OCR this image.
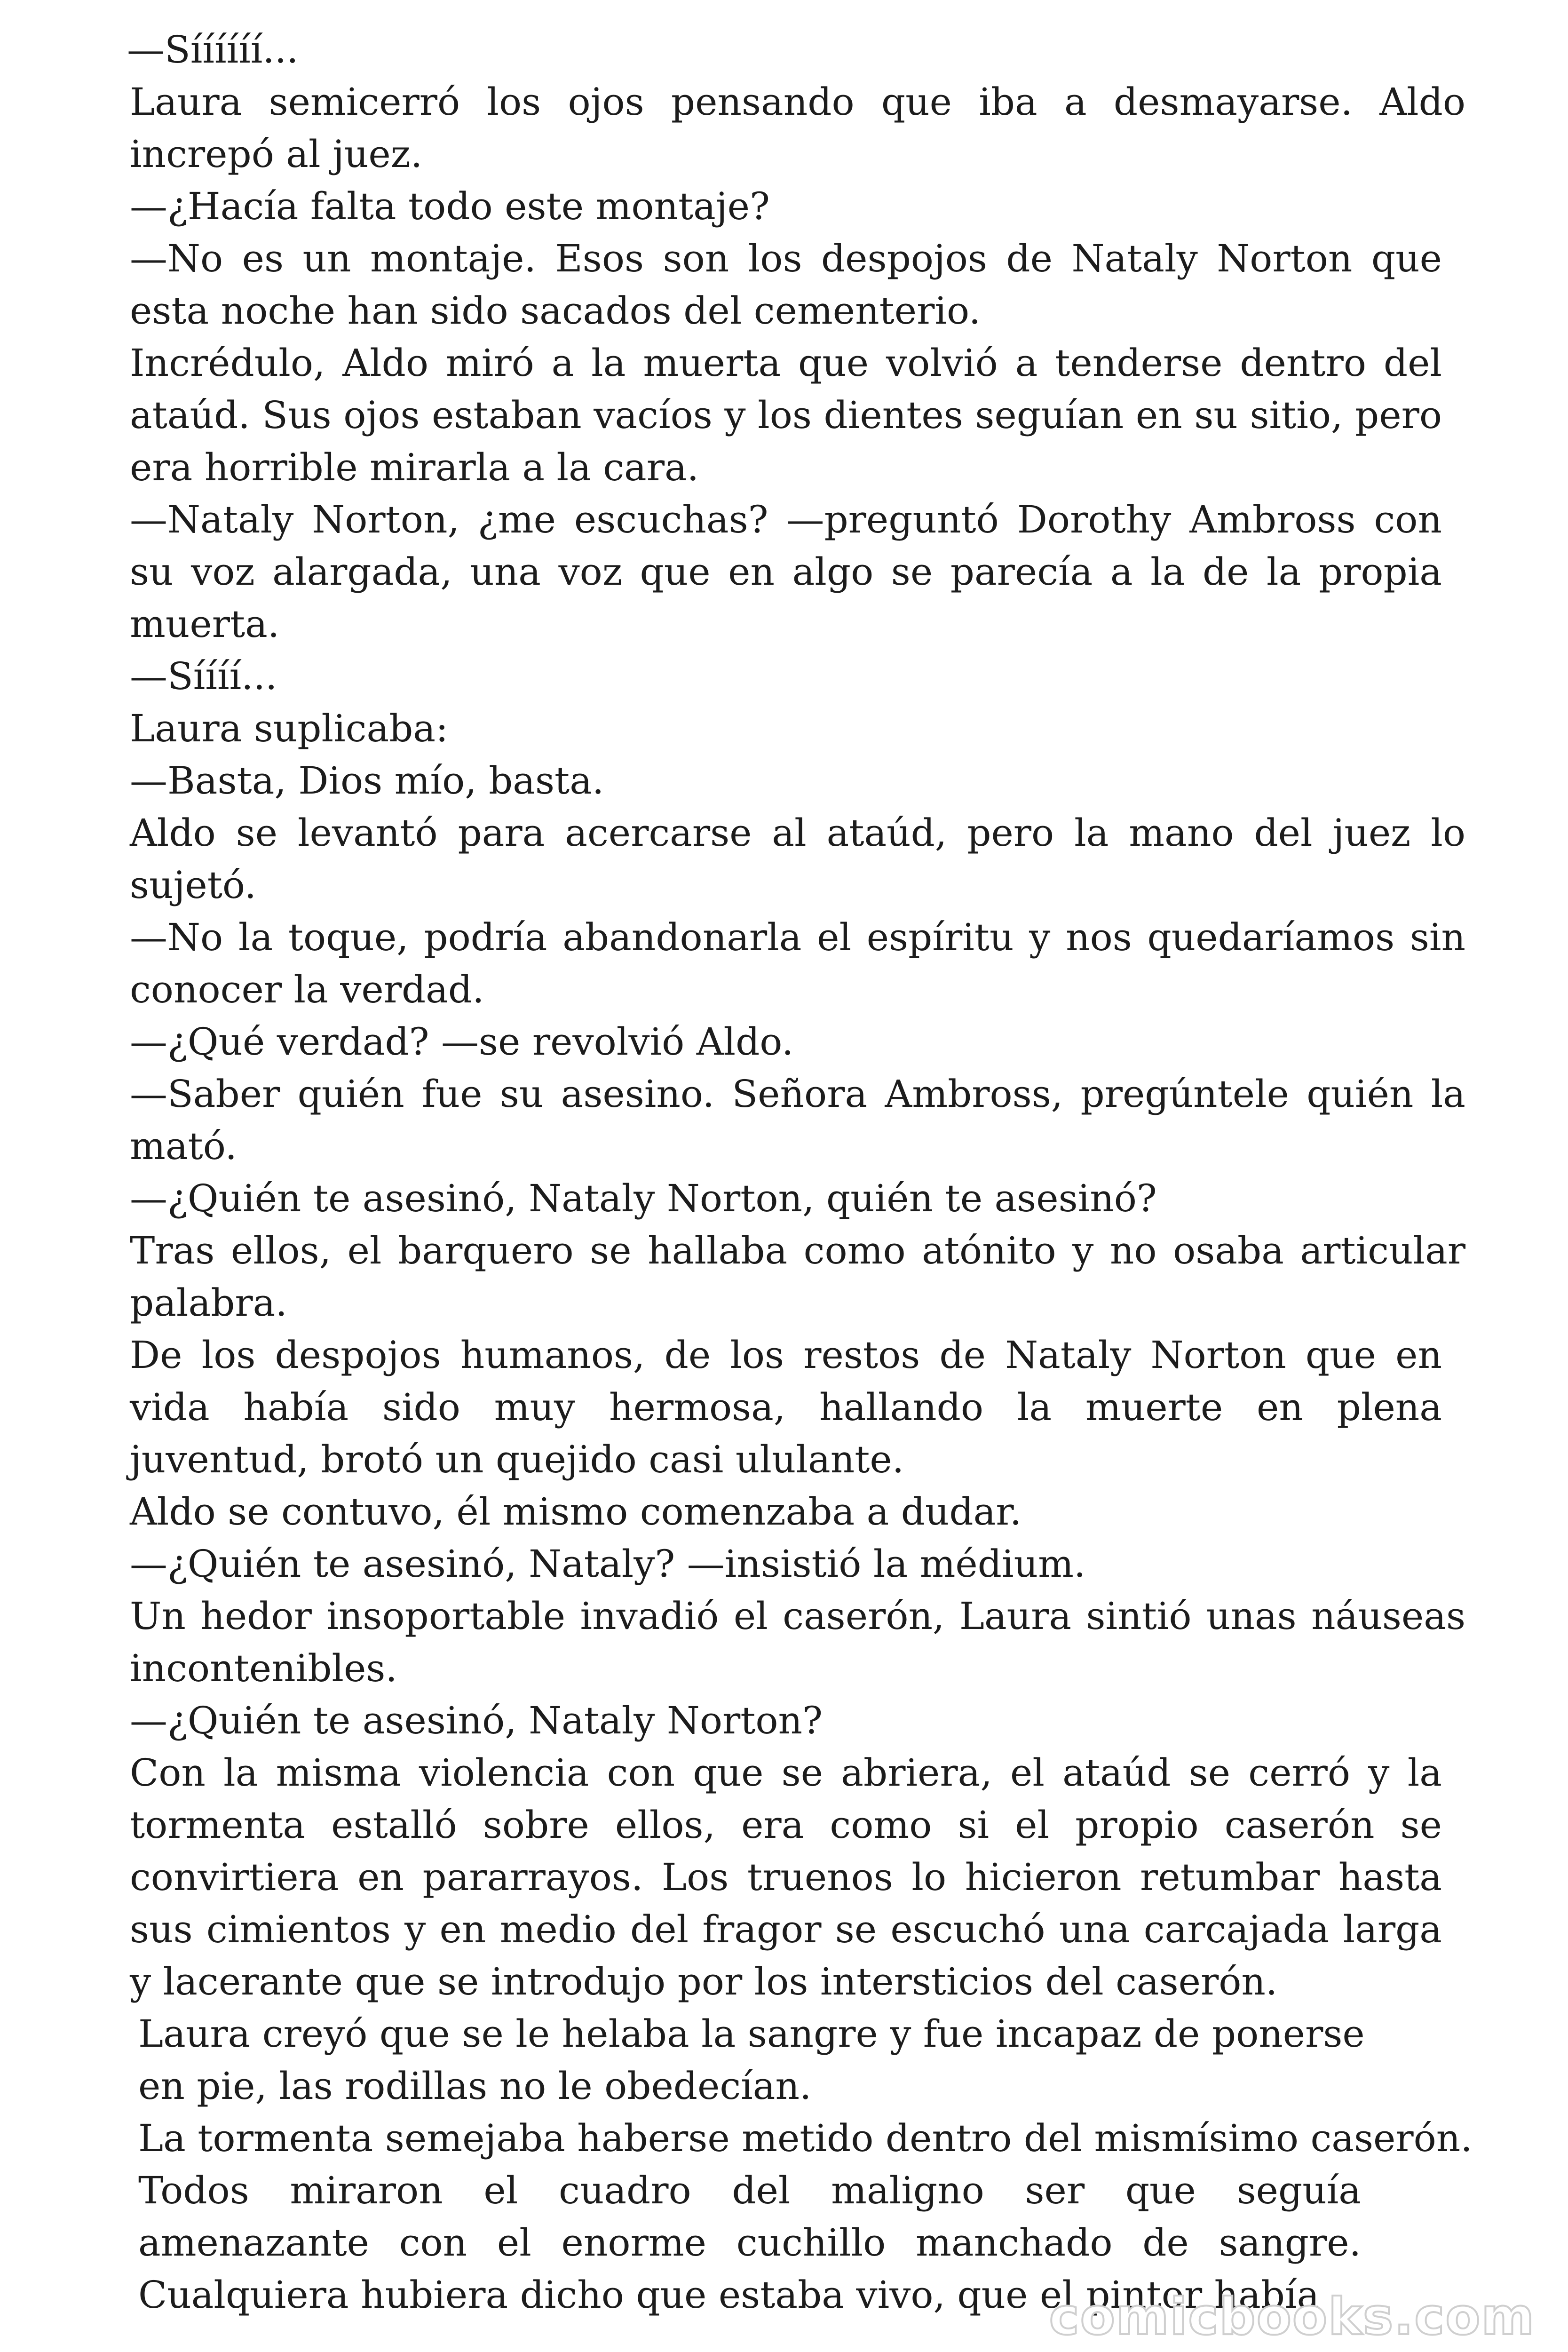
—Síííííí...
Laura semicerró los ojos pensando que iba a desmayarse. Aldo
increpó al juez.
—¿Hacía falta todo este montaje?
—No es un montaje. Esos son los despojos de Nataly Norton que
esta noche han sido sacados del cementerio.
Incrédulo, Aldo miró a la muerta que volvió a tenderse dentro del
ataúd. Sus ojos estaban vacíos y los dientes seguían en su sitio, pero
era horrible mirarla a la cara.
—Nataly Norton, ¿me escuchas? —preguntó Dorothy Ambross con
su voz alargada, una voz que en algo se parecía a la de la propia
muerta.
—Síííí...
Laura suplicaba:
—Basta, Dios mío, basta.
Aldo se levantó para acercarse al ataúd, pero la mano del juez lo
sujetó.
—No la toque, podría abandonarla el espíritu y nos quedaríamos sin
conocer la verdad.
—¿Qué verdad? —se revolvió Aldo.
—Saber quién fue su asesino. Señora Ambross, pregúntele quién la
mató.
—¿Quién te asesinó, Nataly Norton, quién te asesinó?
Tras ellos, el barquero se hallaba como atónito y no osaba articular
palabra.
De los despojos humanos, de los restos de Nataly Norton que en
vida había sido muy hermosa, hallando la muerte en plena
juventud, brotó un quejido casi ululante.
Aldo se contuvo, él mismo comenzaba a dudar.
—¿Quién te asesinó, Nataly? —insistió la médium.
Un hedor insoportable invadió el caserón, Laura sintió unas náuseas
incontenibles.
—¿Quién te asesinó, Nataly Norton?
Con la misma violencia con que se abriera, el ataúd se cerró y la
tormenta estalló sobre ellos, era como si el propio caserón se
convirtiera en pararrayos. Los truenos lo hicieron retumbar hasta
sus cimientos y en medio del fragor se escuchó una carcajada larga
y lacerante que se introdujo por los intersticios del caserón.
Laura creyó que se le helaba la sangre y fue incapaz de ponerse
en pie, las rodillas no le obedecían.
La tormenta semejaba haberse metido dentro del mismísimo caserón.
Todos miraron el cuadro del maligno ser que seguía
amenazante con el enorme cuchillo manchado de sangre.
Cualquiera hubiera dicho que estaba vivo, que el pintor había
comicbooks.com
